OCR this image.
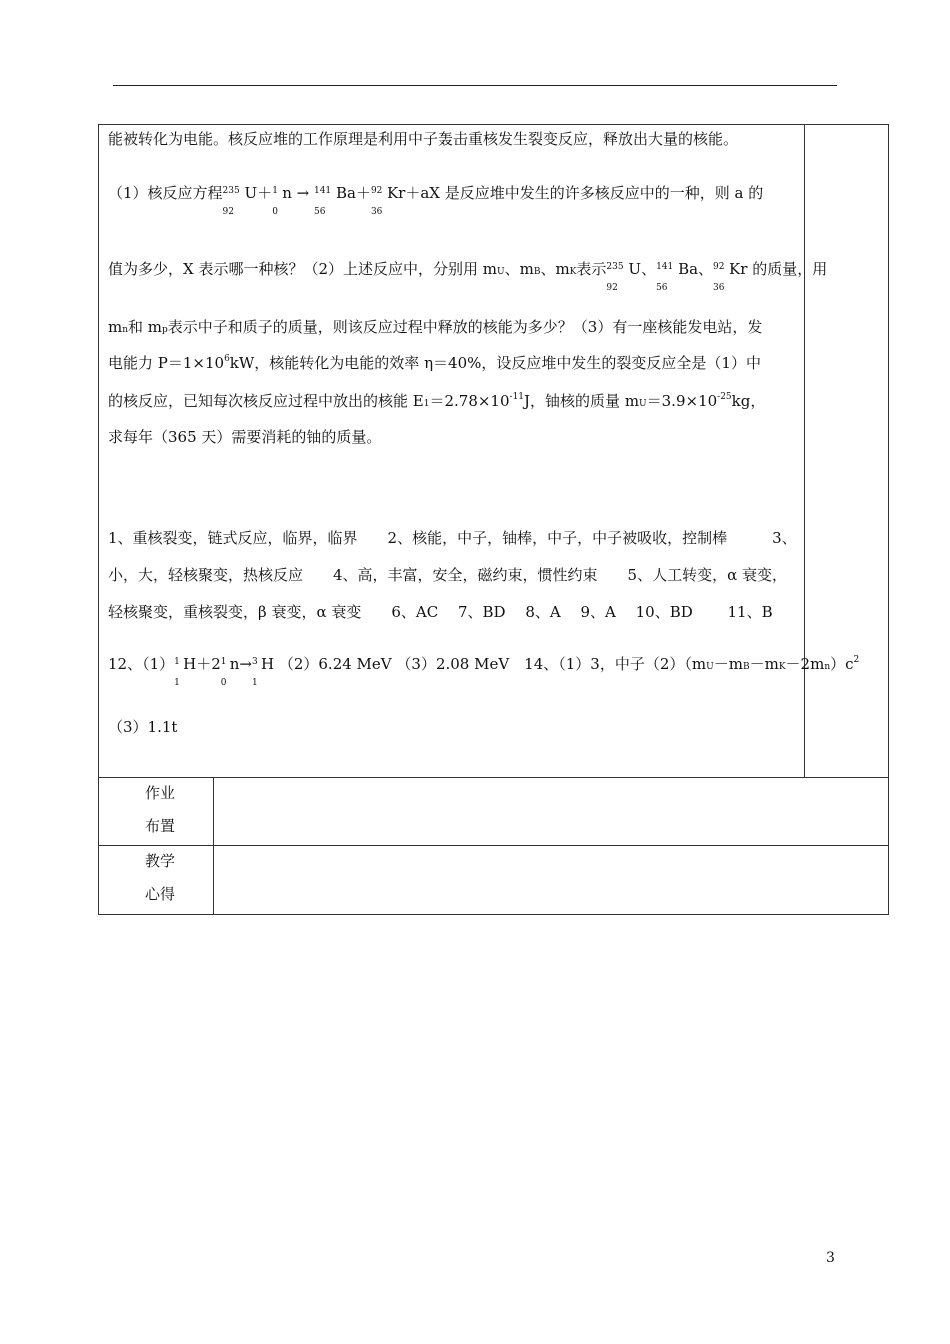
能被转化为电能。核反应堆的工作原理是利用中子轰击重核发生裂变反应，释放出大量的核能。
（1）核反应方程 235
92
U＋ 1
0
n → 141
56
Ba＋ 92
36
Kr＋aX 是反应堆中发生的许多核反应中的一种，则 a 的
值为多少，X 表示哪一种核？（2）上述反应中，分别用 mU、mB、mK表示 235
92
U、 141
56
Ba、 92
36
Kr 的质量，用
mn和 mp表示中子和质子的质量，则该反应过程中释放的核能为多少？（3）有一座核能发电站，发
电能力 $P=1\times 10^6kW$，核能转化为电能的效率 η＝40%，设反应堆中发生的裂变反应全是（1）中
的核反应，已知每次核反应过程中放出的核能 $E1=2.78\times 10^{-11}J$，铀核的质量 $mU=3.9\times 10^{-25}kg$，
求每年（365 天）需要消耗的铀的质量。
1、重核裂变，链式反应，临界，临界　　2、核能，中子，铀棒，中子，中子被吸收，控制棒　　　3、
小，大，轻核聚变，热核反应　　4、高，丰富，安全，磁约束，惯性约束　　5、人工转变，α 衰变，
轻核聚变，重核裂变，β 衰变，α 衰变　　6、AC　 7、BD　 8、A　 9、A　 10、BD　　 11、B
12、（1） 1
1
H＋2 1
0
n→ 3
1
H （2）6.24 MeV （3）2.08 MeV　14、（1）3，中子$(2)(mU-mB-mK-2mn)c^2$
（3）1.1t
作业
布置
教学
心得
3
